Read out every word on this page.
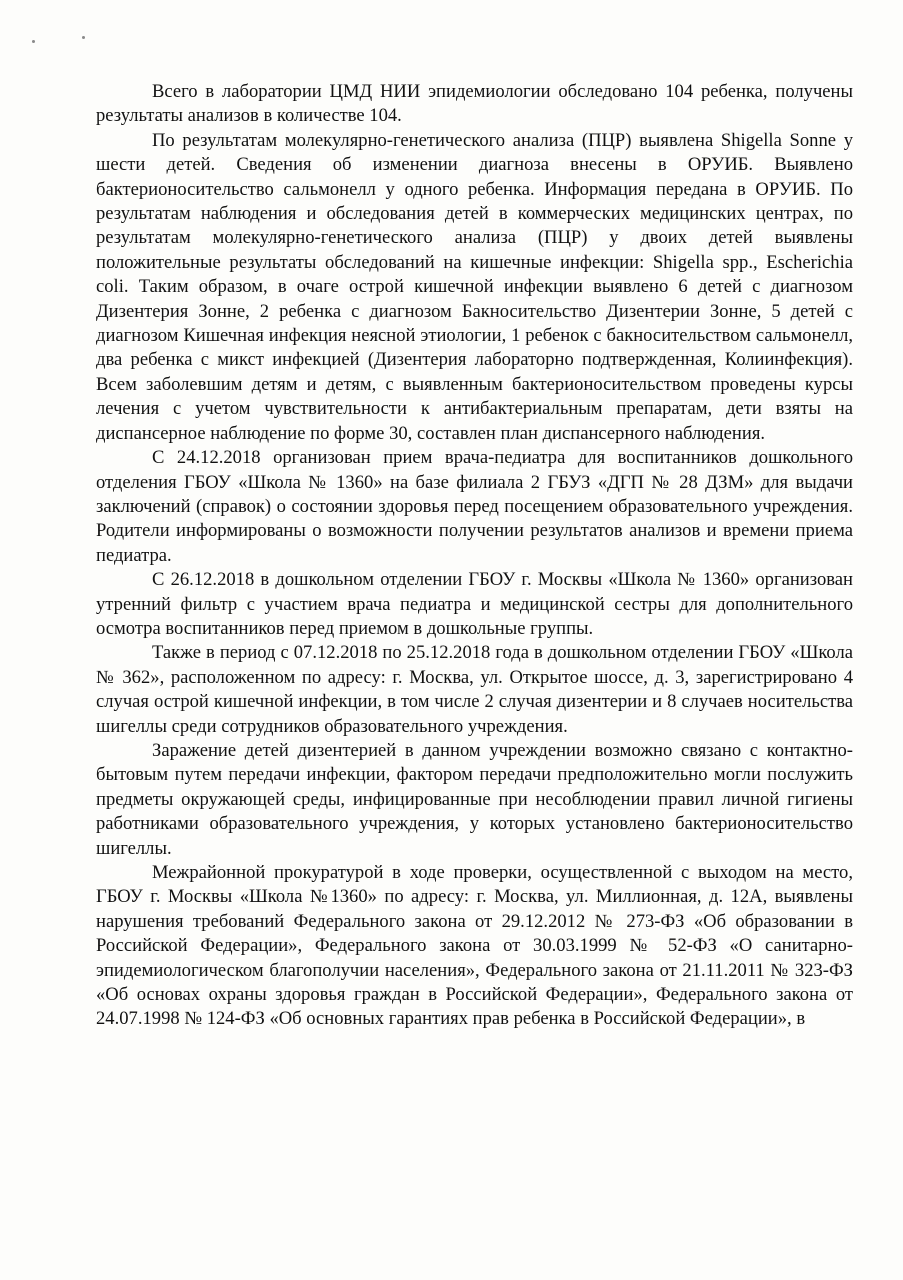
Всего в лаборатории ЦМД НИИ эпидемиологии обследовано 104 ребенка, получены результаты анализов в количестве 104.

По результатам молекулярно-генетического анализа (ПЦР) выявлена Shigella Sonne у шести детей. Сведения об изменении диагноза внесены в ОРУИБ. Выявлено бактерионосительство сальмонелл у одного ребенка. Информация передана в ОРУИБ. По результатам наблюдения и обследования детей в коммерческих медицинских центрах, по результатам молекулярно-генетического анализа (ПЦР) у двоих детей выявлены положительные результаты обследований на кишечные инфекции: Shigella spp., Escherichia coli. Таким образом, в очаге острой кишечной инфекции выявлено 6 детей с диагнозом Дизентерия Зонне, 2 ребенка с диагнозом Бакносительство Дизентерии Зонне, 5 детей с диагнозом Кишечная инфекция неясной этиологии, 1 ребенок с бакносительством сальмонелл, два ребенка с микст инфекцией (Дизентерия лабораторно подтвержденная, Колиинфекция). Всем заболевшим детям и детям, с выявленным бактерионосительством проведены курсы лечения с учетом чувствительности к антибактериальным препаратам, дети взяты на диспансерное наблюдение по форме 30, составлен план диспансерного наблюдения.

С 24.12.2018 организован прием врача-педиатра для воспитанников дошкольного отделения ГБОУ «Школа № 1360» на базе филиала 2 ГБУЗ «ДГП № 28 ДЗМ» для выдачи заключений (справок) о состоянии здоровья перед посещением образовательного учреждения. Родители информированы о возможности получении результатов анализов и времени приема педиатра.

С 26.12.2018 в дошкольном отделении ГБОУ г. Москвы «Школа № 1360» организован утренний фильтр с участием врача педиатра и медицинской сестры для дополнительного осмотра воспитанников перед приемом в дошкольные группы.

Также в период с 07.12.2018 по 25.12.2018 года в дошкольном отделении ГБОУ «Школа № 362», расположенном по адресу: г. Москва, ул. Открытое шоссе, д. 3, зарегистрировано 4 случая острой кишечной инфекции, в том числе 2 случая дизентерии и 8 случаев носительства шигеллы среди сотрудников образовательного учреждения.

Заражение детей дизентерией в данном учреждении возможно связано с контактно-бытовым путем передачи инфекции, фактором передачи предположительно могли послужить предметы окружающей среды, инфицированные при несоблюдении правил личной гигиены работниками образовательного учреждения, у которых установлено бактерионосительство шигеллы.

Межрайонной прокуратурой в ходе проверки, осуществленной с выходом на место, ГБОУ г. Москвы «Школа №1360» по адресу: г. Москва, ул. Миллионная, д. 12А, выявлены нарушения требований Федерального закона от 29.12.2012 № 273-ФЗ «Об образовании в Российской Федерации», Федерального закона от 30.03.1999 № 52-ФЗ «О санитарно-эпидемиологическом благополучии населения», Федерального закона от 21.11.2011 № 323-ФЗ «Об основах охраны здоровья граждан в Российской Федерации», Федерального закона от 24.07.1998 № 124-ФЗ «Об основных гарантиях прав ребенка в Российской Федерации», в
